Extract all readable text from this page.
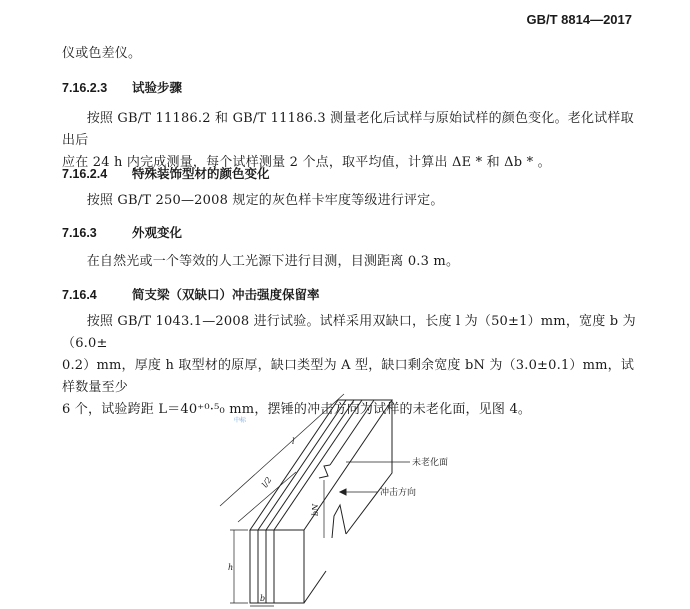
GB/T 8814—2017
仪或色差仪。
7.16.2.3 试验步骤
按照 GB/T 11186.2 和 GB/T 11186.3 测量老化后试样与原始试样的颜色变化。老化试样取出后
应在 24 h 内完成测量，每个试样测量 2 个点，取平均值，计算出 ΔE * 和 Δb * 。
7.16.2.4 特殊装饰型材的颜色变化
按照 GB/T 250—2008 规定的灰色样卡牢度等级进行评定。
7.16.3	外观变化
在自然光或一个等效的人工光源下进行目测，目测距离 0.3 m。
7.16.4	简支梁（双缺口）冲击强度保留率
按照 GB/T 1043.1—2008 进行试验。试样采用双缺口，长度 l 为（50±1）mm，宽度 b 为（6.0±
0.2）mm，厚度 h 取型材的原厚，缺口类型为 A 型，缺口剩余宽度 bN 为（3.0±0.1）mm，试样数量至少
6 个，试验跨距 L＝40⁺⁰·⁵₀ mm，摆锤的冲击方向为试样的未老化面，见图 4。
l
l/2
h
b
bN
未老化面
冲击方向
中标
